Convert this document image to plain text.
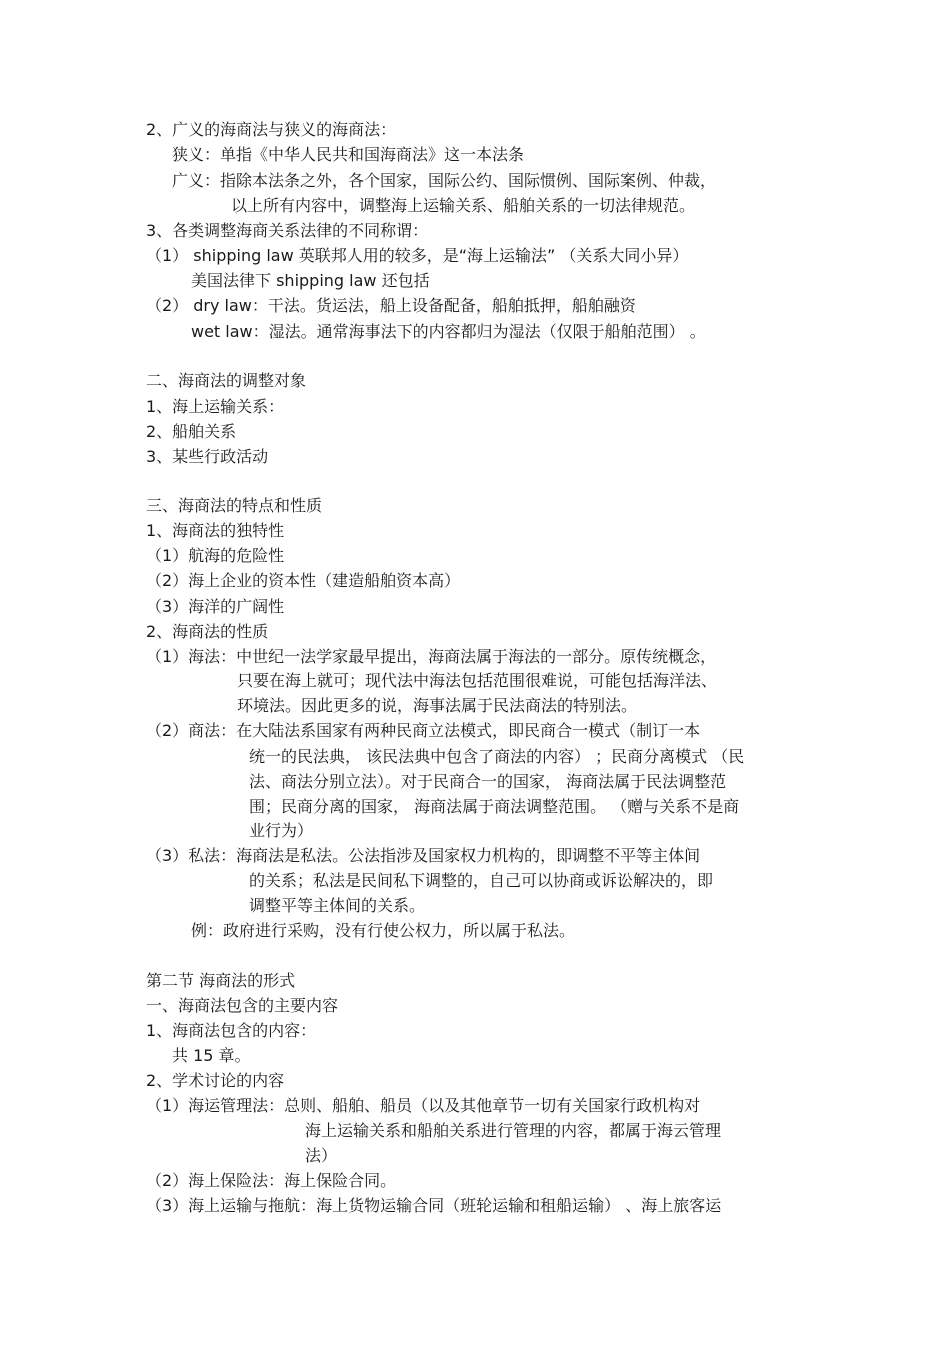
2、广义的海商法与狭义的海商法：
狭义：单指《中华人民共和国海商法》这一本法条
广义：指除本法条之外，各个国家，国际公约、国际惯例、国际案例、仲裁，
以上所有内容中，调整海上运输关系、船舶关系的一切法律规范。
3、各类调整海商关系法律的不同称谓：
（1） shipping law 英联邦人用的较多，是“海上运输法” （关系大同小异）
美国法律下 shipping law 还包括
（2） dry law：干法。货运法，船上设备配备，船舶抵押，船舶融资
wet law：湿法。通常海事法下的内容都归为湿法（仅限于船舶范围） 。
二、海商法的调整对象
1、海上运输关系：
2、船舶关系
3、某些行政活动
三、海商法的特点和性质
1、海商法的独特性
（1）航海的危险性
（2）海上企业的资本性（建造船舶资本高）
（3）海洋的广阔性
2、海商法的性质
（1）海法：中世纪一法学家最早提出，海商法属于海法的一部分。原传统概念，
只要在海上就可；现代法中海法包括范围很难说，可能包括海洋法、
环境法。因此更多的说，海事法属于民法商法的特别法。
（2）商法：在大陆法系国家有两种民商立法模式，即民商合一模式（制订一本
统一的民法典， 该民法典中包含了商法的内容） ；民商分离模式 （民
法、商法分别立法）。对于民商合一的国家， 海商法属于民法调整范
围；民商分离的国家， 海商法属于商法调整范围。 （赠与关系不是商
业行为）
（3）私法：海商法是私法。公法指涉及国家权力机构的，即调整不平等主体间
的关系；私法是民间私下调整的，自己可以协商或诉讼解决的，即
调整平等主体间的关系。
例：政府进行采购，没有行使公权力，所以属于私法。
第二节 海商法的形式
一、海商法包含的主要内容
1、海商法包含的内容：
共 15 章。
2、学术讨论的内容
（1）海运管理法：总则、船舶、船员（以及其他章节一切有关国家行政机构对
海上运输关系和船舶关系进行管理的内容，都属于海云管理
法）
（2）海上保险法：海上保险合同。
（3）海上运输与拖航：海上货物运输合同（班轮运输和租船运输） 、海上旅客运
